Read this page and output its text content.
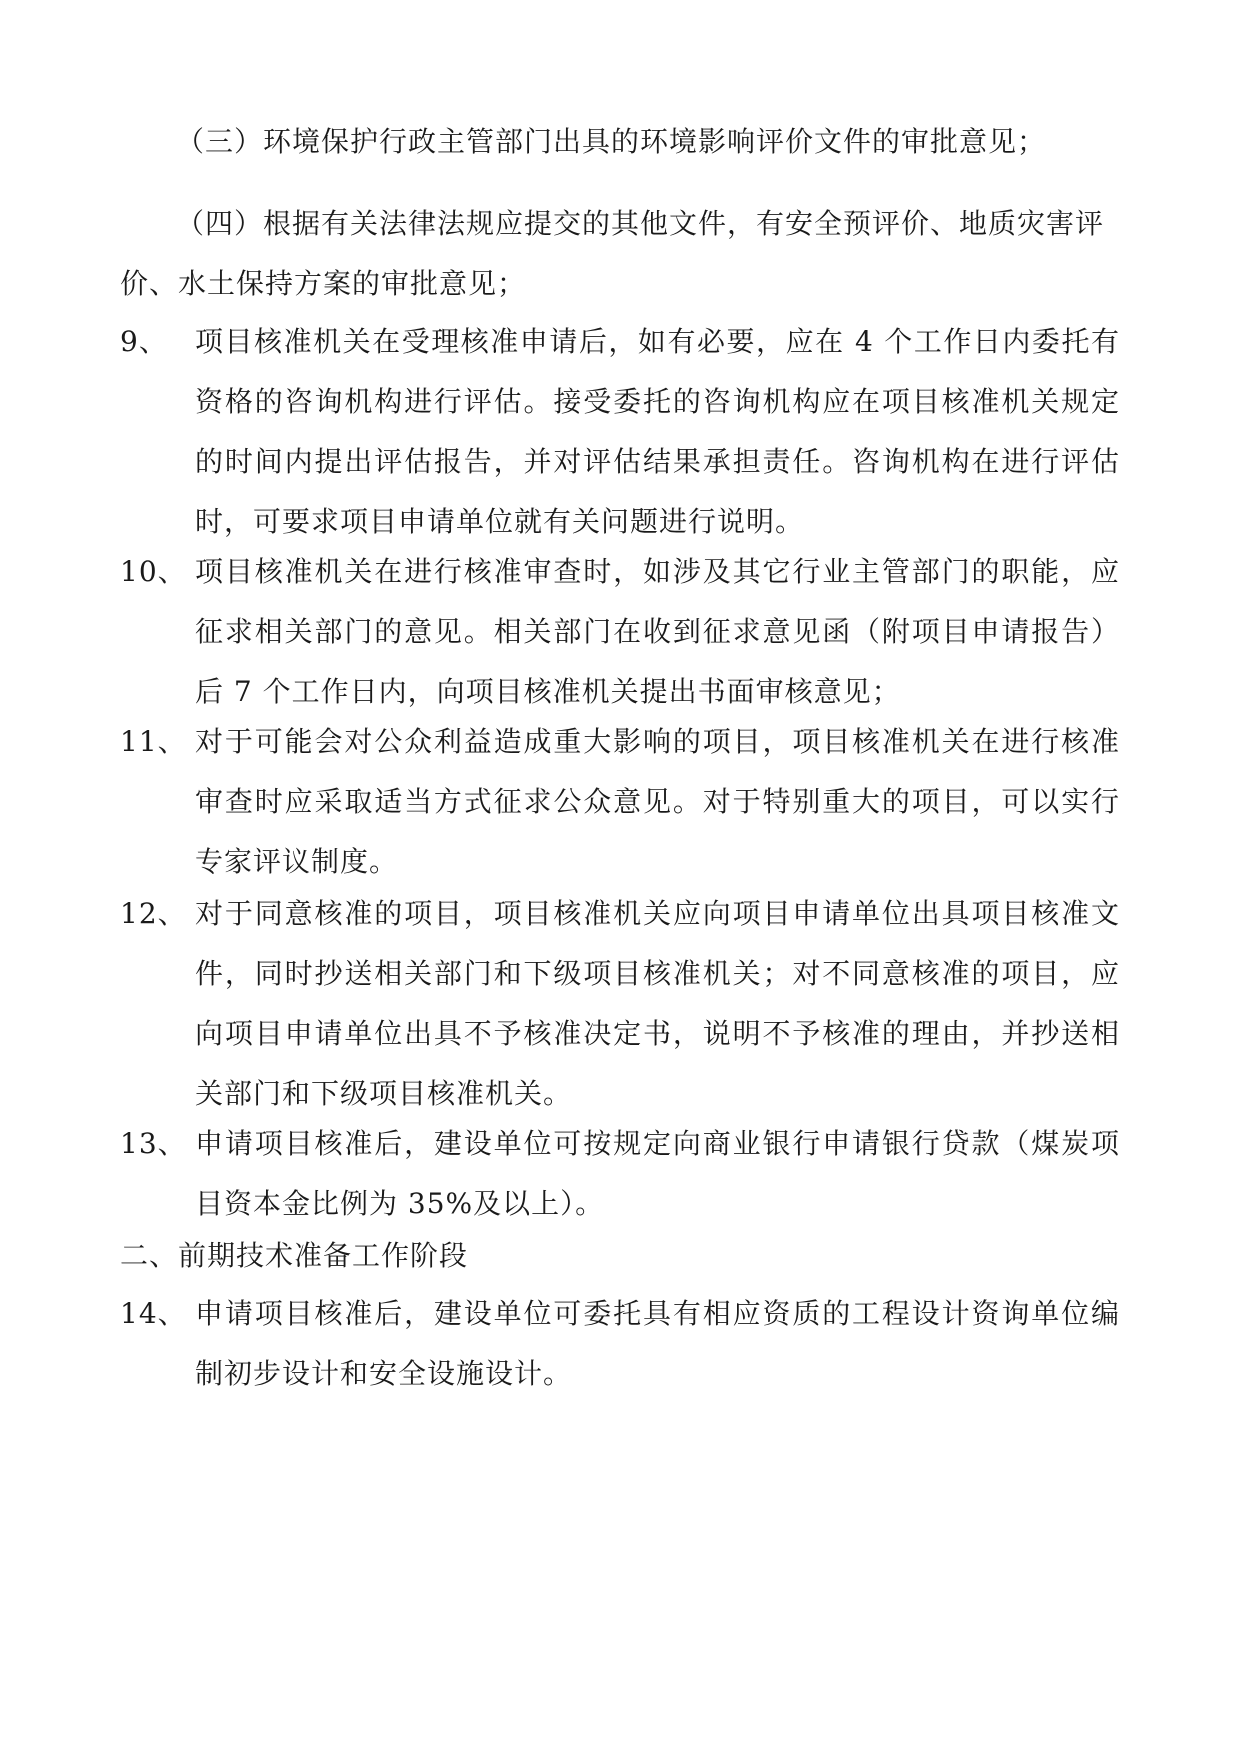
（三）环境保护行政主管部门出具的环境影响评价文件的审批意见；
（四）根据有关法律法规应提交的其他文件，有安全预评价、地质灾害评价、水土保持方案的审批意见；
9、 项目核准机关在受理核准申请后，如有必要，应在 4 个工作日内委托有资格的咨询机构进行评估。接受委托的咨询机构应在项目核准机关规定的时间内提出评估报告，并对评估结果承担责任。咨询机构在进行评估时，可要求项目申请单位就有关问题进行说明。
10、 项目核准机关在进行核准审查时，如涉及其它行业主管部门的职能，应征求相关部门的意见。相关部门在收到征求意见函（附项目申请报告）后 7 个工作日内，向项目核准机关提出书面审核意见；
11、 对于可能会对公众利益造成重大影响的项目，项目核准机关在进行核准审查时应采取适当方式征求公众意见。对于特别重大的项目，可以实行专家评议制度。
12、 对于同意核准的项目，项目核准机关应向项目申请单位出具项目核准文件，同时抄送相关部门和下级项目核准机关；对不同意核准的项目，应向项目申请单位出具不予核准决定书，说明不予核准的理由，并抄送相关部门和下级项目核准机关。
13、 申请项目核准后，建设单位可按规定向商业银行申请银行贷款（煤炭项目资本金比例为 35%及以上）。
二、前期技术准备工作阶段
14、 申请项目核准后，建设单位可委托具有相应资质的工程设计资询单位编制初步设计和安全设施设计。
